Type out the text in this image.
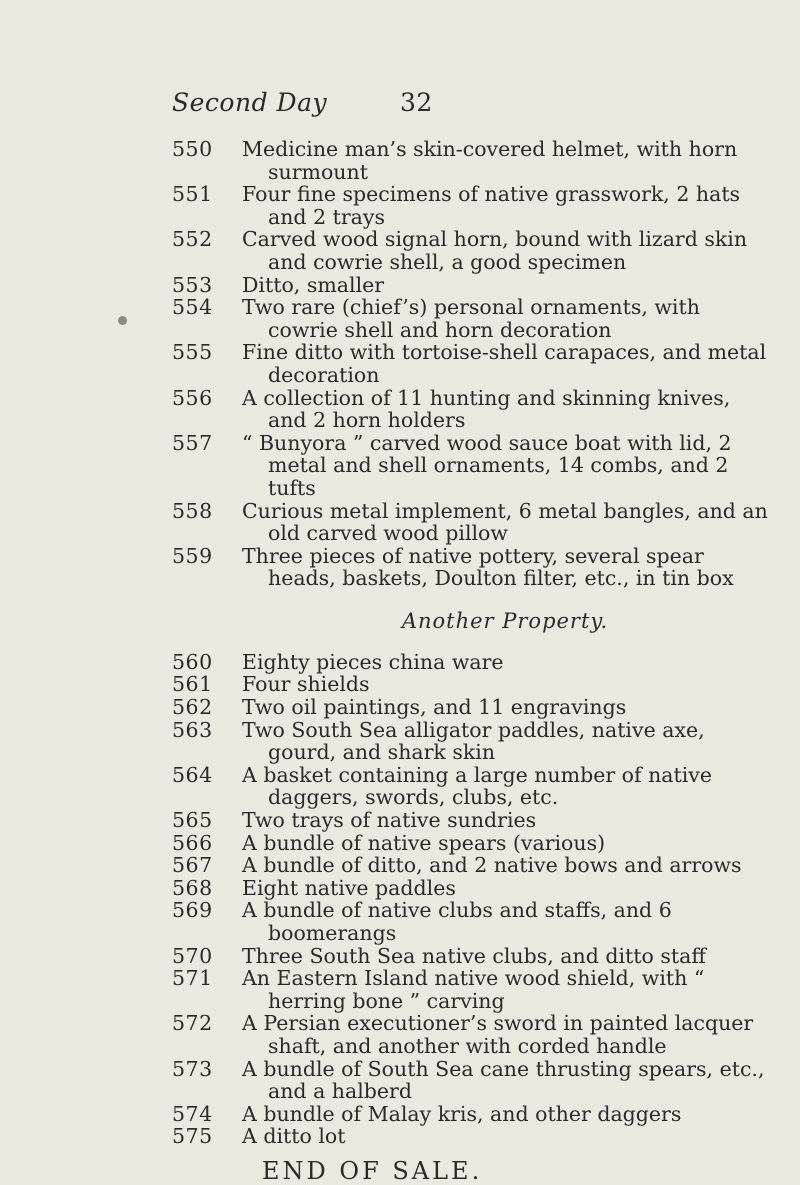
Second Day	32
550	Medicine man’s skin-covered helmet, with horn surmount
551	Four fine specimens of native grasswork, 2 hats and 2 trays
552	Carved wood signal horn, bound with lizard skin and cowrie shell, a good specimen
553	Ditto, smaller
554	Two rare (chief’s) personal ornaments, with cowrie shell and horn decoration
555	Fine ditto with tortoise-shell carapaces, and metal decoration
556	A collection of 11 hunting and skinning knives, and 2 horn holders
557	“ Bunyora ” carved wood sauce boat with lid, 2 metal and shell ornaments, 14 combs, and 2 tufts
558	Curious metal implement, 6 metal bangles, and an old carved wood pillow
559	Three pieces of native pottery, several spear heads, baskets, Doulton filter, etc., in tin box
Another Property.
560	Eighty pieces china ware
561	Four shields
562	Two oil paintings, and 11 engravings
563	Two South Sea alligator paddles, native axe, gourd, and shark skin
564	A basket containing a large number of native daggers, swords, clubs, etc.
565	Two trays of native sundries
566	A bundle of native spears (various)
567	A bundle of ditto, and 2 native bows and arrows
568	Eight native paddles
569	A bundle of native clubs and staffs, and 6 boomerangs
570	Three South Sea native clubs, and ditto staff
571	An Eastern Island native wood shield, with “ herring bone ” carving
572	A Persian executioner’s sword in painted lacquer shaft, and another with corded handle
573	A bundle of South Sea cane thrusting spears, etc., and a halberd
574	A bundle of Malay kris, and other daggers
575	A ditto lot
END OF SALE.
